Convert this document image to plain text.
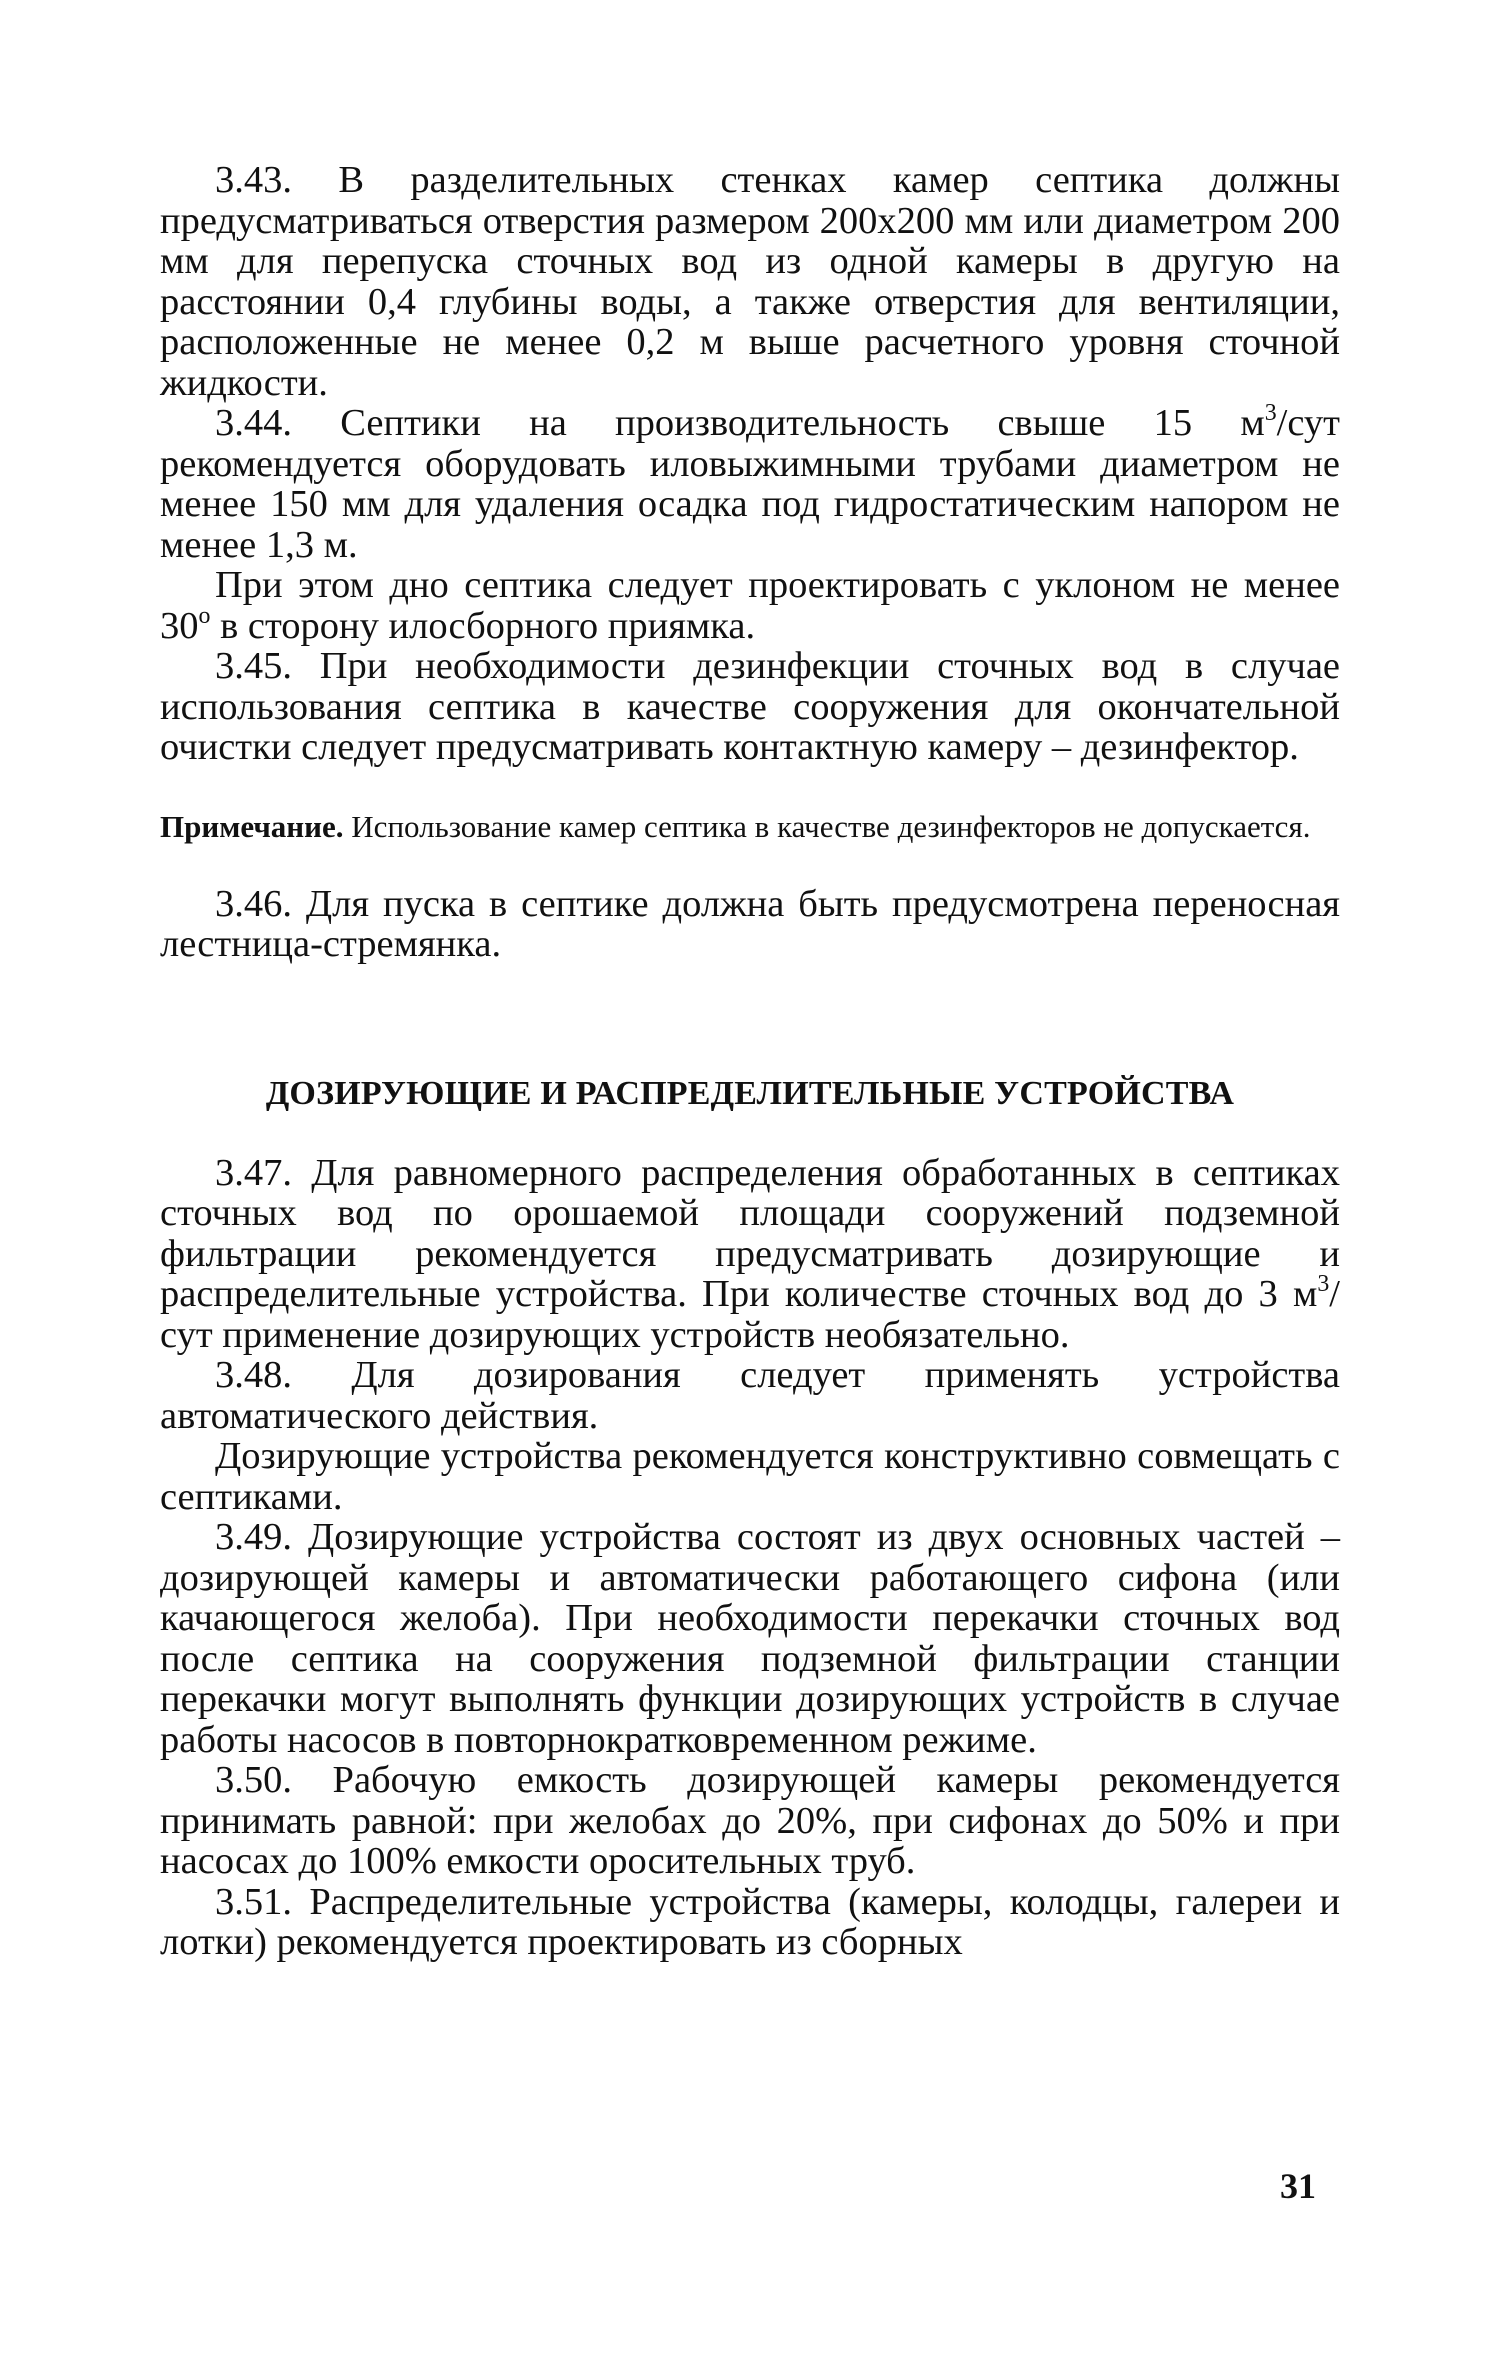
3.43. В разделительных стенках камер септика должны предусматриваться отверстия размером 200х200 мм или диаметром 200 мм для перепуска сточных вод из одной камеры в другую на расстоянии 0,4 глубины воды, а также отверстия для вентиляции, расположенные не менее 0,2 м выше расчетного уровня сточной жидкости.

3.44. Септики на производительность свыше 15 $м^3$/сут рекомендуется оборудовать иловыжимными трубами диаметром не менее 150 мм для удаления осадка под гидростатическим напором не менее 1,3 м.

При этом дно септика следует проектировать с уклоном не менее $30^о$ в сторону илосборного приямка.

3.45. При необходимости дезинфекции сточных вод в случае использования септика в качестве сооружения для окончательной очистки следует предусматривать контактную камеру – дезинфектор.

Примечание. Использование камер септика в качестве дезинфекторов не допускается.

3.46. Для пуска в септике должна быть предусмотрена переносная лестница-стремянка.

ДОЗИРУЮЩИЕ И РАСПРЕДЕЛИТЕЛЬНЫЕ УСТРОЙСТВА

3.47. Для равномерного распределения обработанных в септиках сточных вод по орошаемой площади сооружений подземной фильтрации рекомендуется предусматривать дозирующие и распределительные устройства. При количестве сточных вод до 3 $м^3$/сут применение дозирующих устройств необязательно.

3.48. Для дозирования следует применять устройства автоматического действия.

Дозирующие устройства рекомендуется конструктивно совмещать с септиками.

3.49. Дозирующие устройства состоят из двух основных частей – дозирующей камеры и автоматически работающего сифона (или качающегося желоба). При необходимости перекачки сточных вод после септика на сооружения подземной фильтрации станции перекачки могут выполнять функции дозирующих устройств в случае работы насосов в повторнократковременном режиме.

3.50. Рабочую емкость дозирующей камеры рекомендуется принимать равной: при желобах до 20%, при сифонах до 50% и при насосах до 100% емкости оросительных труб.

3.51. Распределительные устройства (камеры, колодцы, галереи и лотки) рекомендуется проектировать из сборных

31
